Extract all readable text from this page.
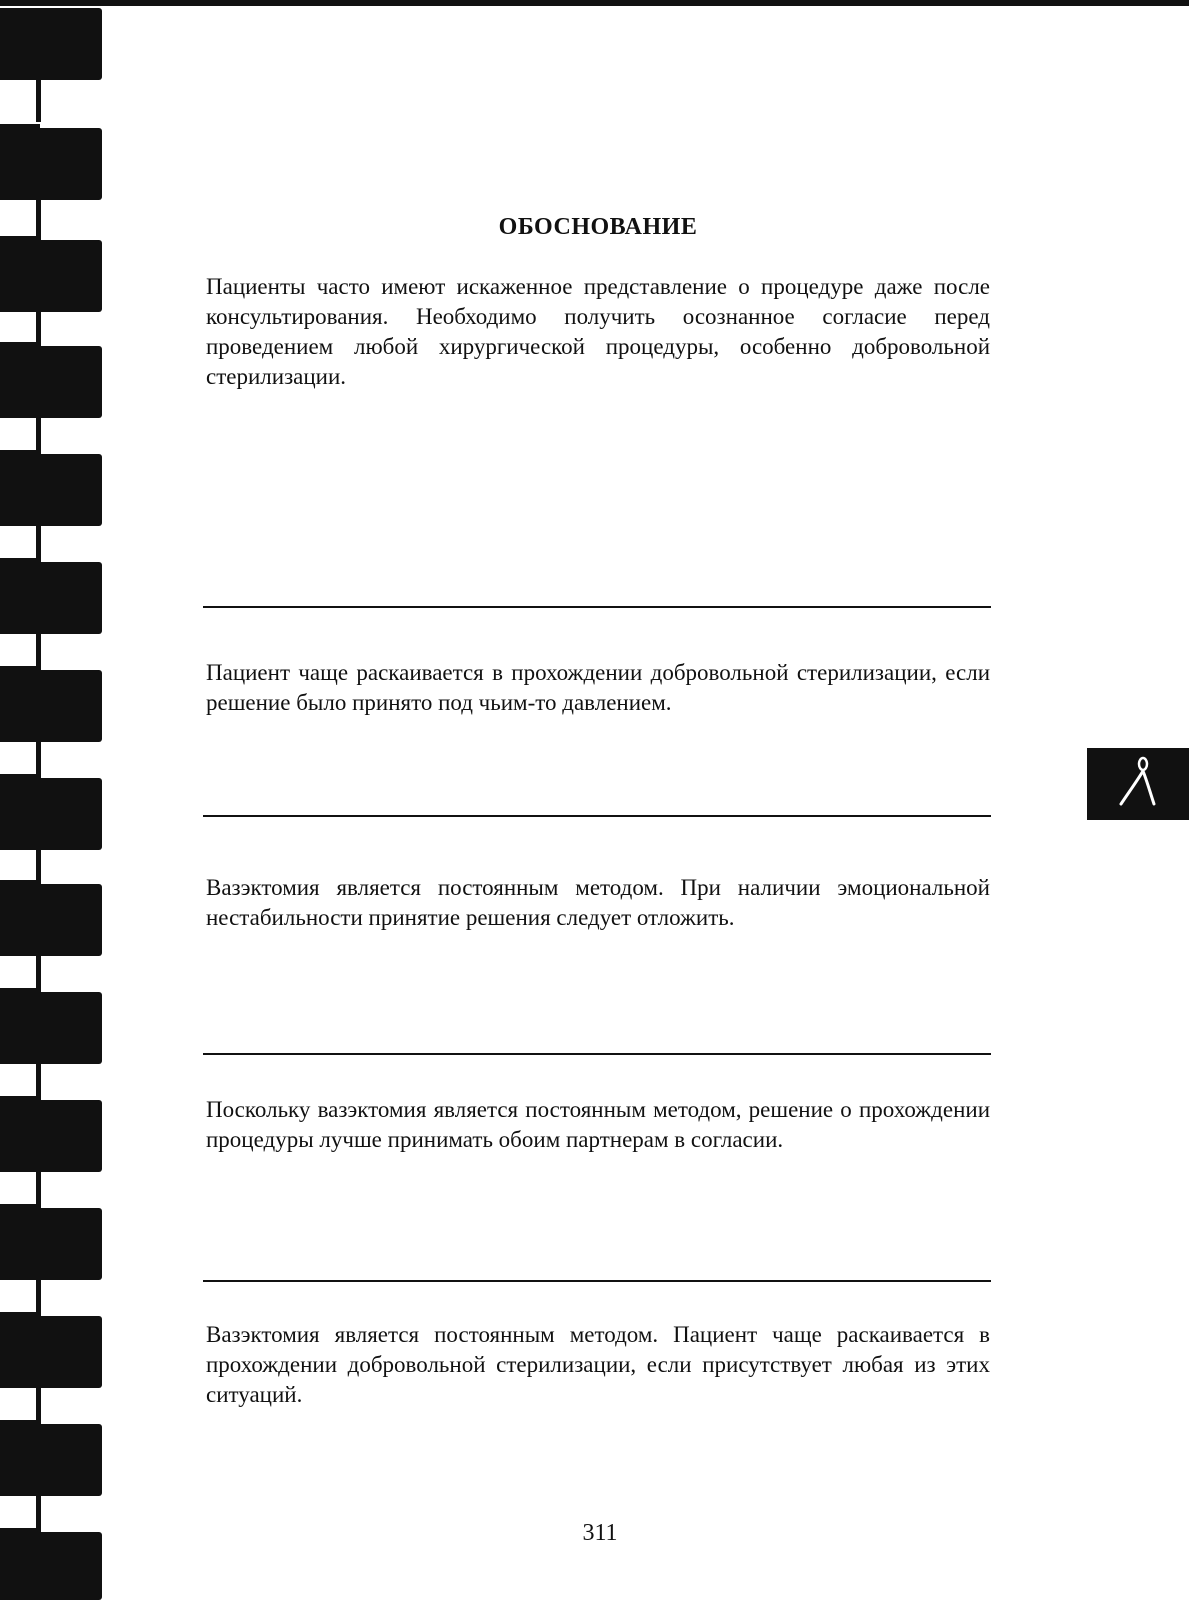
ОБОСНОВАНИЕ
Пациенты часто имеют искаженное представление о процедуре даже после консультирования. Необходимо получить осознанное согласие перед проведением любой хирургической процедуры, особенно добровольной стерилизации.
Пациент чаще раскаивается в прохождении добровольной стерилизации, если решение было принято под чьим-то давлением.
Вазэктомия является постоянным методом. При наличии эмоциональной нестабильности принятие решения следует отложить.
Поскольку вазэктомия является постоянным методом, решение о прохождении процедуры лучше принимать обоим партнерам в согласии.
Вазэктомия является постоянным методом. Пациент чаще раскаивается в прохождении добровольной стерилизации, если присутствует любая из этих ситуаций.
311
